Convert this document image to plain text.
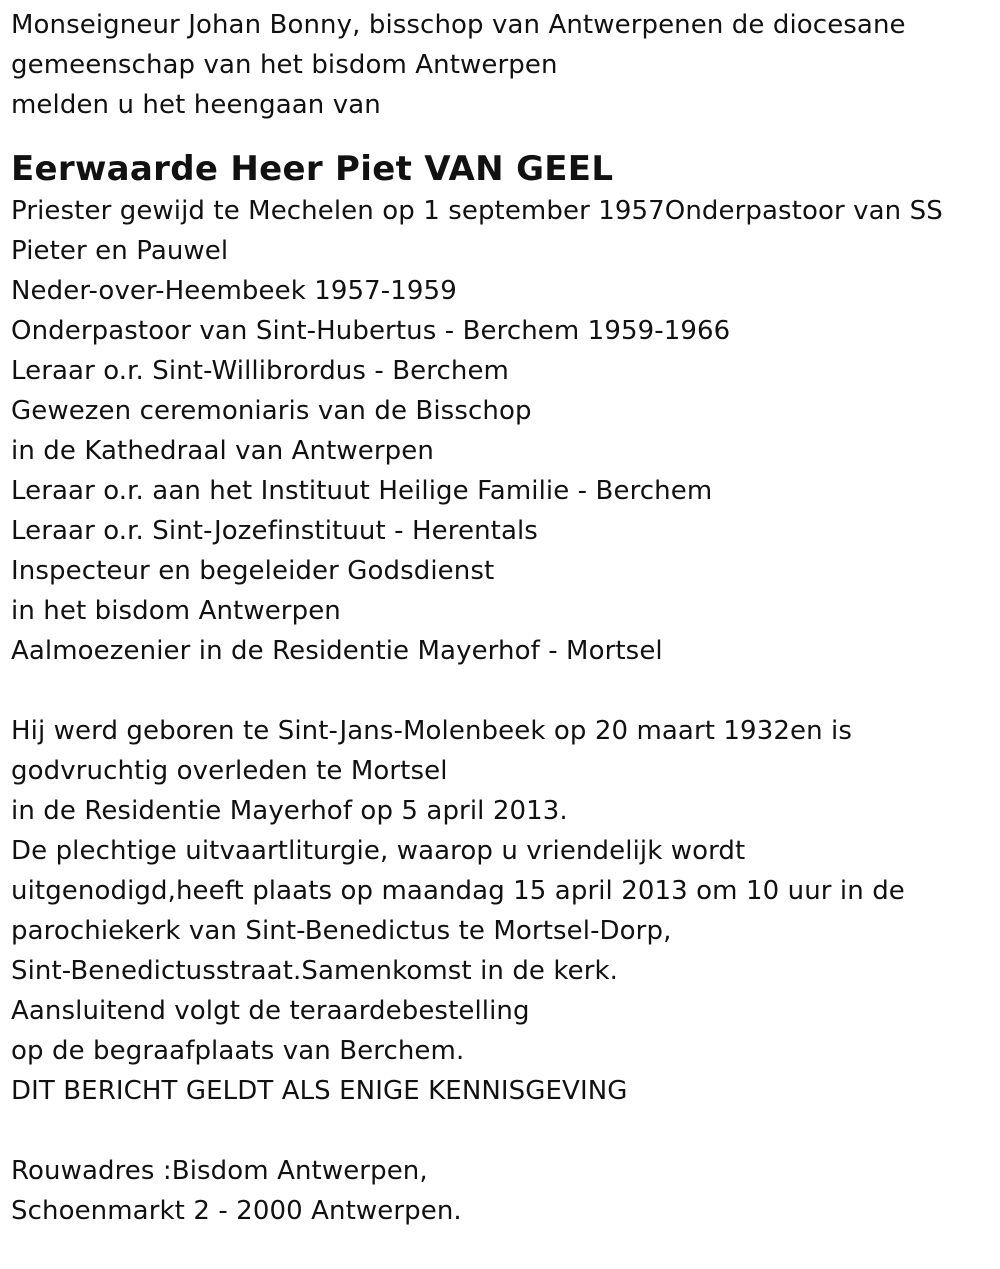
Monseigneur Johan Bonny, bisschop van Antwerpenen de diocesane
gemeenschap van het bisdom Antwerpen
melden u het heengaan van
Eerwaarde Heer Piet VAN GEEL
Priester gewijd te Mechelen op 1 september 1957Onderpastoor van SS
Pieter en Pauwel
Neder-over-Heembeek 1957-1959
Onderpastoor van Sint-Hubertus - Berchem 1959-1966
Leraar o.r. Sint-Willibrordus - Berchem
Gewezen ceremoniaris van de Bisschop
in de Kathedraal van Antwerpen
Leraar o.r. aan het Instituut Heilige Familie - Berchem
Leraar o.r. Sint-Jozefinstituut - Herentals
Inspecteur en begeleider Godsdienst
in het bisdom Antwerpen
Aalmoezenier in de Residentie Mayerhof - Mortsel
Hij werd geboren te Sint-Jans-Molenbeek op 20 maart 1932en is
godvruchtig overleden te Mortsel
in de Residentie Mayerhof op 5 april 2013.
De plechtige uitvaartliturgie, waarop u vriendelijk wordt
uitgenodigd,heeft plaats op maandag 15 april 2013 om 10 uur in de
parochiekerk van Sint-Benedictus te Mortsel-Dorp,
Sint-Benedictusstraat.Samenkomst in de kerk.
Aansluitend volgt de teraardebestelling
op de begraafplaats van Berchem.
DIT BERICHT GELDT ALS ENIGE KENNISGEVING
Rouwadres :Bisdom Antwerpen,
Schoenmarkt 2 - 2000 Antwerpen.
